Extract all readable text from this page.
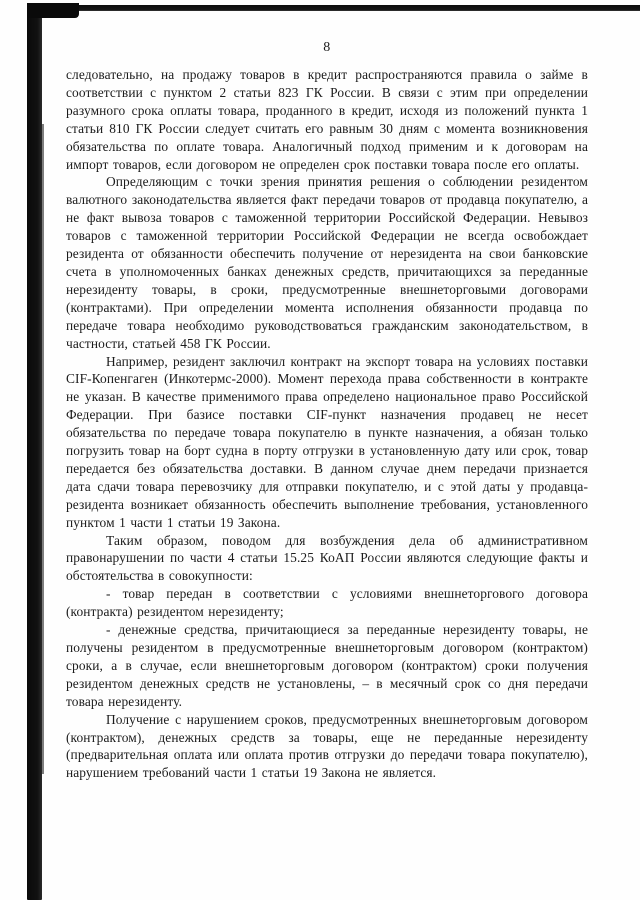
8

следовательно, на продажу товаров в кредит распространяются правила о займе в соответствии с пунктом 2 статьи 823 ГК России. В связи с этим при определении разумного срока оплаты товара, проданного в кредит, исходя из положений пункта 1 статьи 810 ГК России следует считать его равным 30 дням с момента возникновения обязательства по оплате товара. Аналогичный подход применим и к договорам на импорт товаров, если договором не определен срок поставки товара после его оплаты.

Определяющим с точки зрения принятия решения о соблюдении резидентом валютного законодательства является факт передачи товаров от продавца покупателю, а не факт вывоза товаров с таможенной территории Российской Федерации. Невывоз товаров с таможенной территории Российской Федерации не всегда освобождает резидента от обязанности обеспечить получение от нерезидента на свои банковские счета в уполномоченных банках денежных средств, причитающихся за переданные нерезиденту товары, в сроки, предусмотренные внешнеторговыми договорами (контрактами). При определении момента исполнения обязанности продавца по передаче товара необходимо руководствоваться гражданским законодательством, в частности, статьей 458 ГК России.

Например, резидент заключил контракт на экспорт товара на условиях поставки CIF-Копенгаген (Инкотермс-2000). Момент перехода права собственности в контракте не указан. В качестве применимого права определено национальное право Российской Федерации. При базисе поставки CIF-пункт назначения продавец не несет обязательства по передаче товара покупателю в пункте назначения, а обязан только погрузить товар на борт судна в порту отгрузки в установленную дату или срок, товар передается без обязательства доставки. В данном случае днем передачи признается дата сдачи товара перевозчику для отправки покупателю, и с этой даты у продавца-резидента возникает обязанность обеспечить выполнение требования, установленного пунктом 1 части 1 статьи 19 Закона.

Таким образом, поводом для возбуждения дела об административном правонарушении по части 4 статьи 15.25 КоАП России являются следующие факты и обстоятельства в совокупности:

- товар передан в соответствии с условиями внешнеторгового договора (контракта) резидентом нерезиденту;

- денежные средства, причитающиеся за переданные нерезиденту товары, не получены резидентом в предусмотренные внешнеторговым договором (контрактом) сроки, а в случае, если внешнеторговым договором (контрактом) сроки получения резидентом денежных средств не установлены, – в месячный срок со дня передачи товара нерезиденту.

Получение с нарушением сроков, предусмотренных внешнеторговым договором (контрактом), денежных средств за товары, еще не переданные нерезиденту (предварительная оплата или оплата против отгрузки до передачи товара покупателю), нарушением требований части 1 статьи 19 Закона не является.
